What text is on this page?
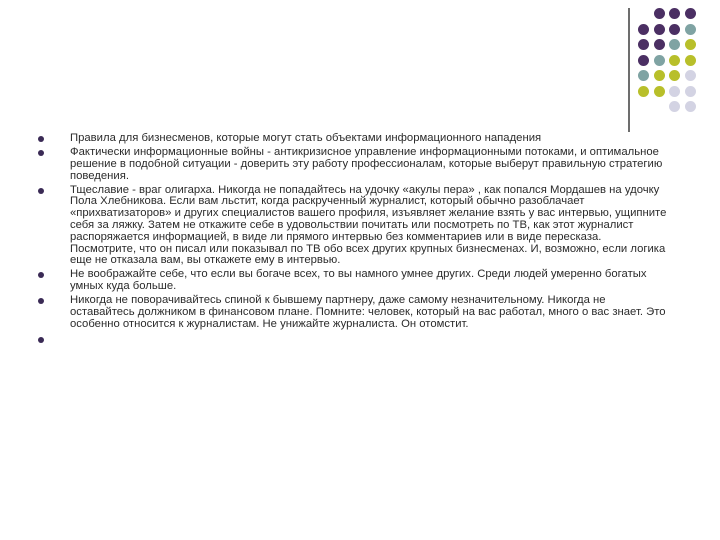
Правила для бизнесменов, которые могут стать объектами информационного нападения
Фактически информационные войны - антикризисное управление информационными потоками, и оптимальное решение в подобной ситуации - доверить эту работу профессионалам, которые выберут правильную стратегию поведения.
Тщеславие - враг олигарха. Никогда не попадайтесь на удочку «акулы пера» , как попался Мордашев на удочку Пола Хлебникова. Если вам льстит, когда раскрученный журналист, который обычно разоблачает «прихватизаторов» и других специалистов вашего профиля, изъявляет желание взять у вас интервью, ущипните себя за ляжку. Затем не откажите себе в удовольствии почитать или посмотреть по ТВ, как этот журналист распоряжается информацией, в виде ли прямого интервью без комментариев или в виде пересказа. Посмотрите, что он писал или показывал по ТВ обо всех других крупных бизнесменах. И, возможно, если логика еще не отказала вам, вы откажете ему в интервью.
Не воображайте себе, что если вы богаче всех, то вы намного умнее других. Среди людей умеренно богатых умных куда больше.
Никогда не поворачивайтесь спиной к бывшему партнеру, даже самому незначительному. Никогда не оставайтесь должником в финансовом плане. Помните: человек, который на вас работал, много о вас знает. Это особенно относится к журналистам. Не унижайте журналиста. Он отомстит.
